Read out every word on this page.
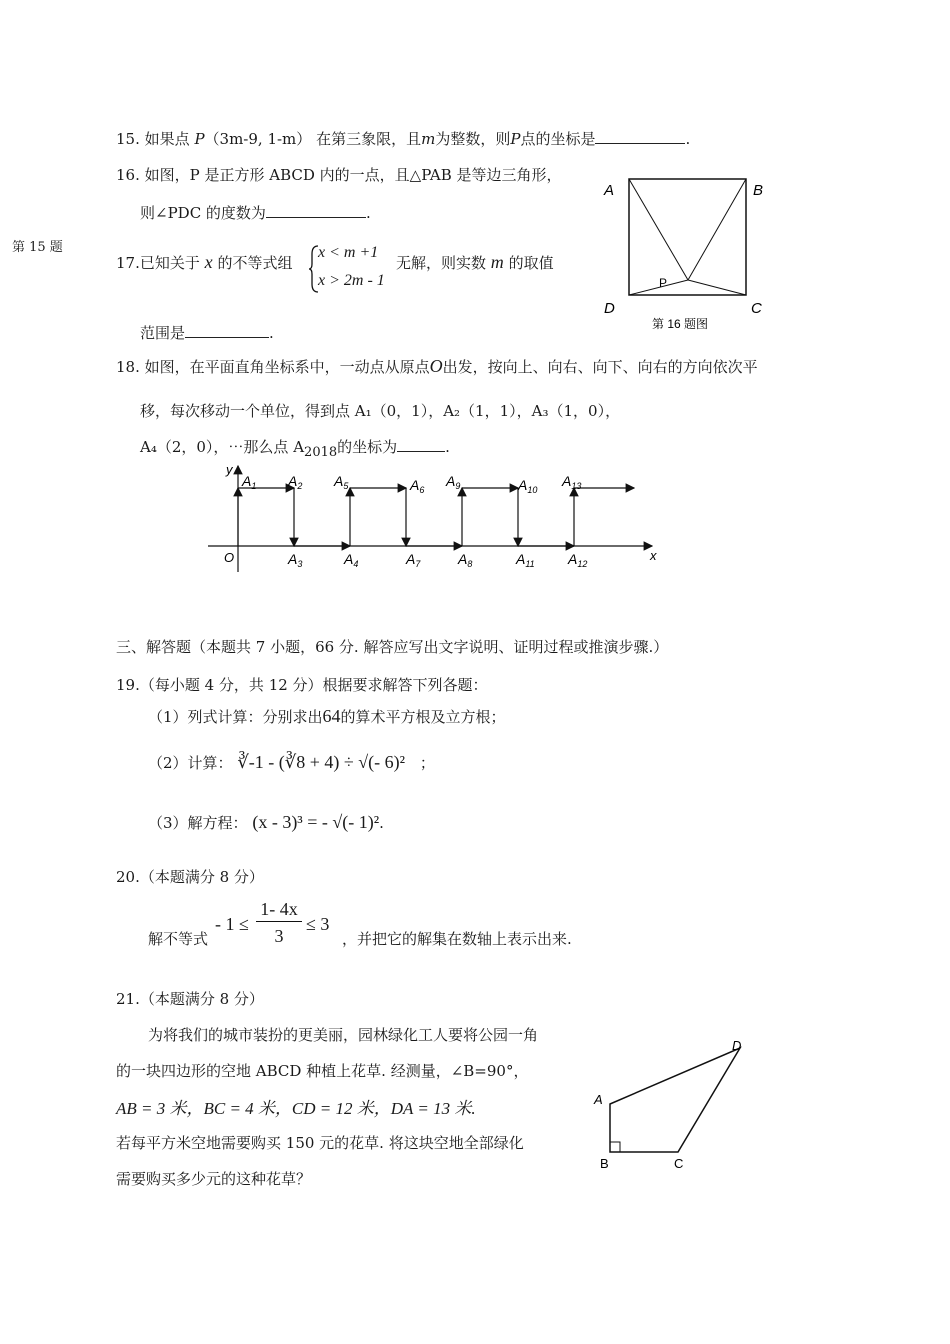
第 15 题
15. 如果点 P（3m-9, 1-m） 在第三象限，且m为整数，则P点的坐标是	.
16. 如图，P 是正方形 ABCD 内的一点，且△PAB 是等边三角形，
则∠PDC 的度数为	.
A	B
D	C
P
第 16 题图
17.已知关于 x 的不等式组
x < m +1
x > 2m - 1
无解，则实数 m 的取值
范围是	.
18. 如图，在平面直角坐标系中，一动点从原点O出发，按向上、向右、向下、向右的方向依次平
移，每次移动一个单位，得到点 A₁（0，1），A₂（1，1），A₃（1，0），
A₄（2，0），⋯那么点 $A_{2018}$的坐标为	.
y
x
O
$A_1$ $A_2$ $A_5$	$A_6$
$A_9$	$A_{10}$
$A_{13}$
$A_3$	$A_4$	$A_7$	$A_8$	$A_{11}$ $A_{12}$
三、解答题（本题共 7 小题，66 分. 解答应写出文字说明、证明过程或推演步骤.）
19.（每小题 4 分，共 12 分）根据要求解答下列各题：
（1）列式计算：分别求出64的算术平方根及立方根；
（2）计算： ∛-1 - (∛8 + 4) ÷ √(- 6)² ；
（3）解方程： (x - 3)³ = - √(- 1)².
20.（本题满分 8 分）
解不等式
- 1 ≤
1- 4x
3
≤ 3
，并把它的解集在数轴上表示出来.
21.（本题满分 8 分）
为将我们的城市装扮的更美丽，园林绿化工人要将公园一角
的一块四边形的空地 ABCD 种植上花草. 经测量，∠B=90°，
AB = 3 米，BC = 4 米，CD = 12 米，DA = 13 米.
若每平方米空地需要购买 150 元的花草. 将这块空地全部绿化
需要购买多少元的这种花草？
A
B	C
D
